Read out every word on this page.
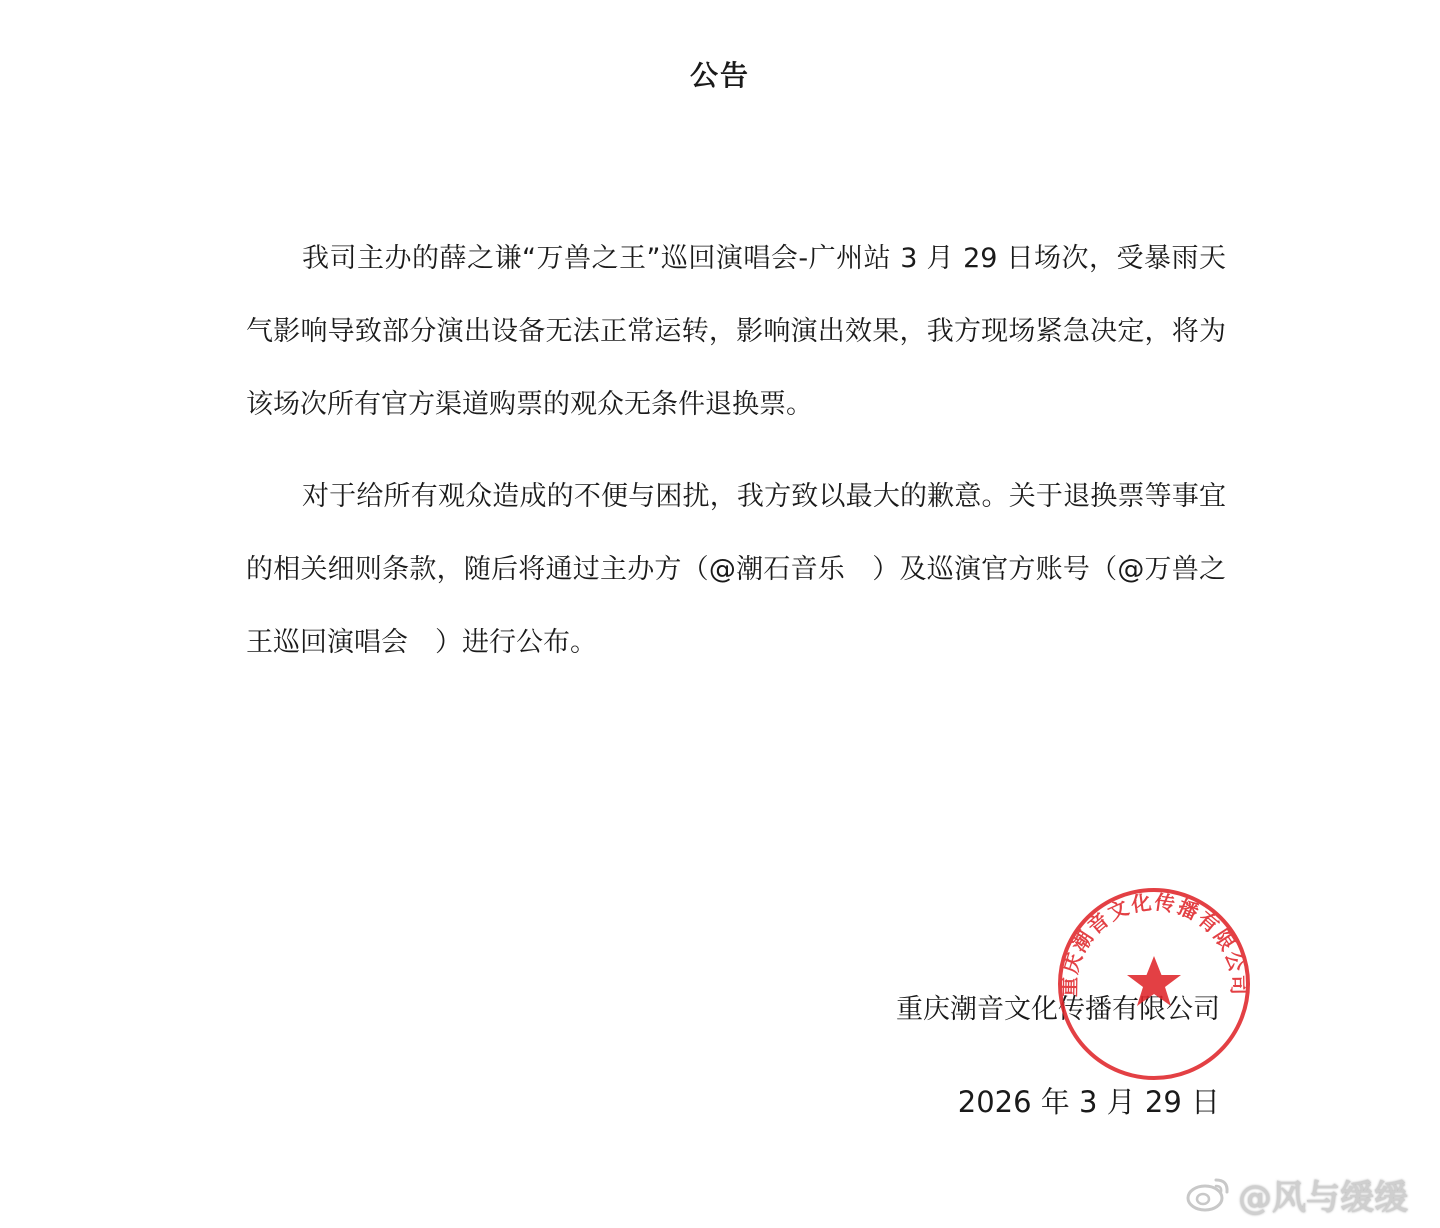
公告

我司主办的薛之谦“万兽之王”巡回演唱会-广州站 3 月 29 日场次，受暴雨天气影响导致部分演出设备无法正常运转，影响演出效果，我方现场紧急决定，将为该场次所有官方渠道购票的观众无条件退换票。

对于给所有观众造成的不便与困扰，我方致以最大的歉意。关于退换票等事宜的相关细则条款，随后将通过主办方（@潮石音乐　）及巡演官方账号（@万兽之王巡回演唱会　）进行公布。

重庆潮音文化传播有限公司
2026 年 3 月 29 日
重庆潮音文化传播有限公司
@风与缓缓
